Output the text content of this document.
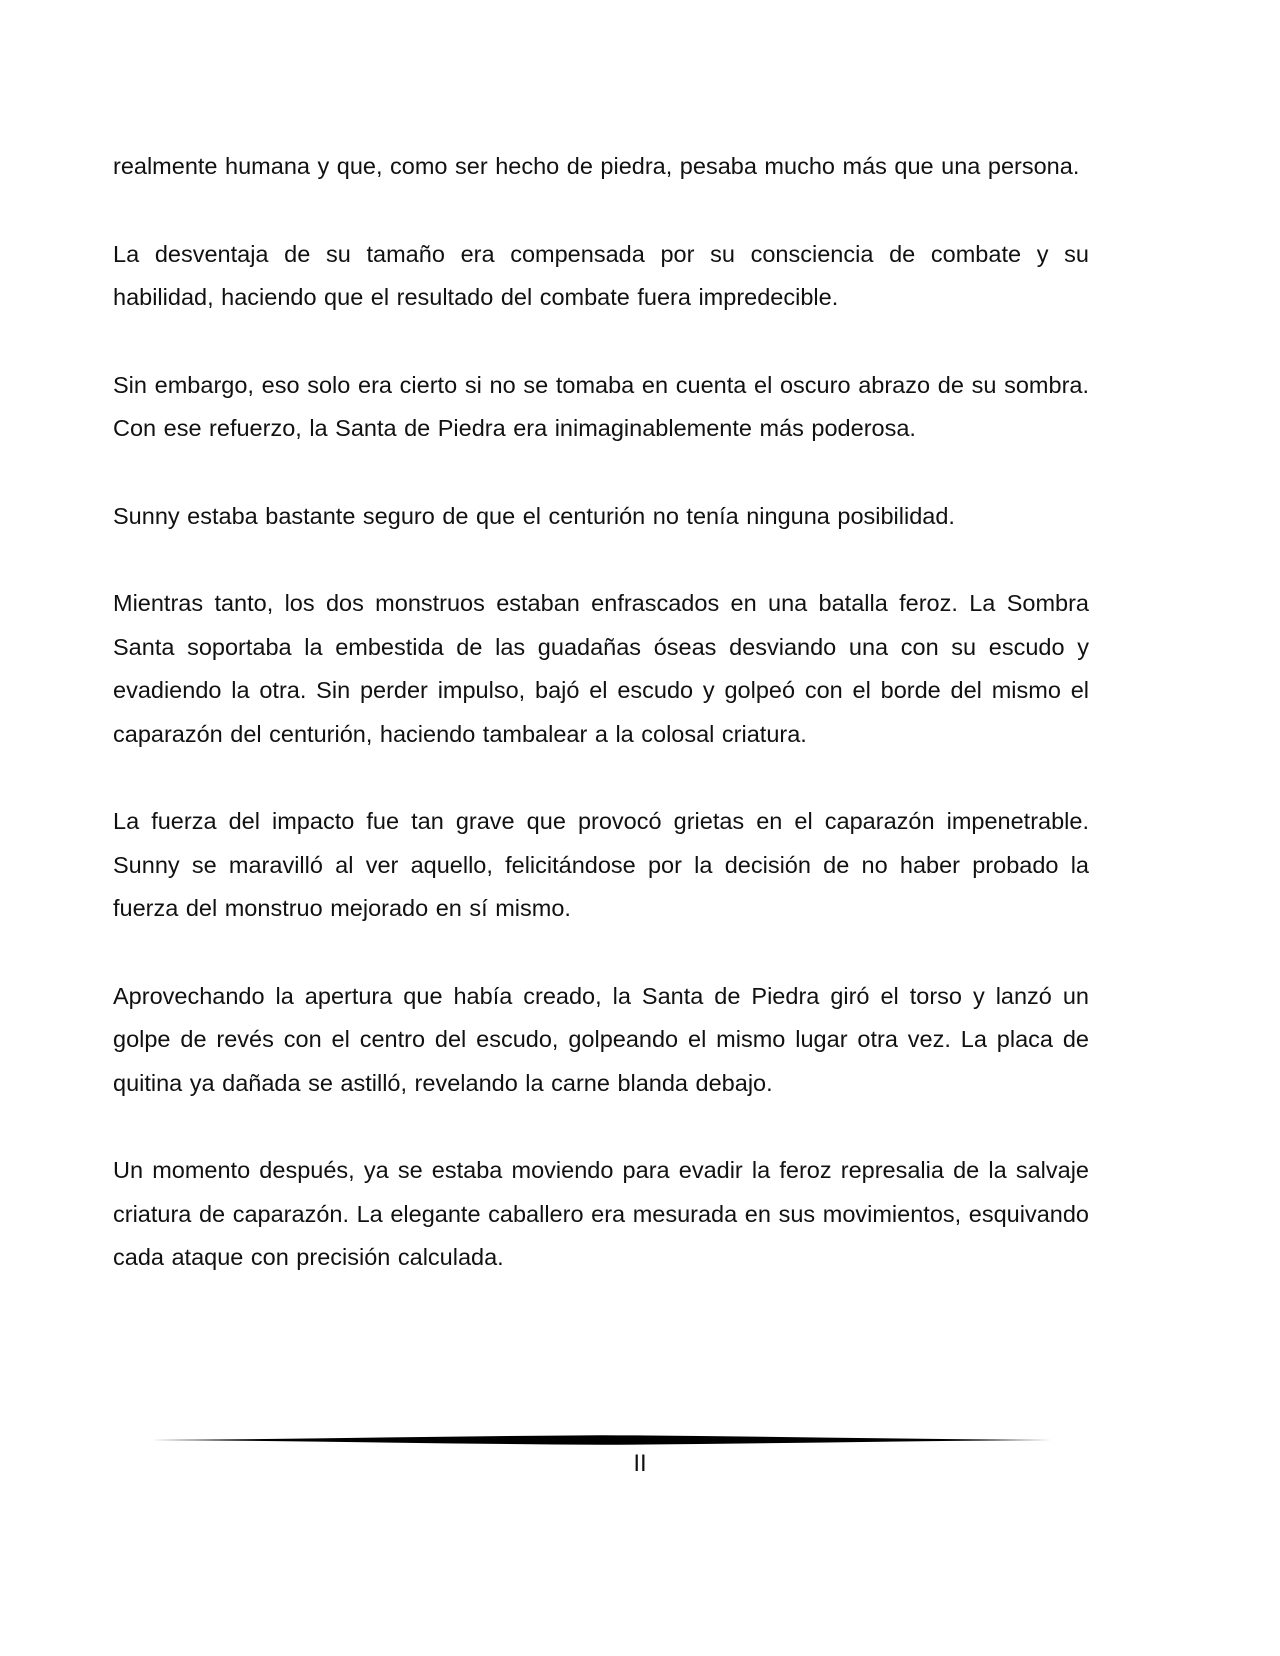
realmente humana y que, como ser hecho de piedra, pesaba mucho más que una persona.

La desventaja de su tamaño era compensada por su consciencia de combate y su habilidad, haciendo que el resultado del combate fuera impredecible.

Sin embargo, eso solo era cierto si no se tomaba en cuenta el oscuro abrazo de su sombra. Con ese refuerzo, la Santa de Piedra era inimaginablemente más poderosa.

Sunny estaba bastante seguro de que el centurión no tenía ninguna posibilidad.

Mientras tanto, los dos monstruos estaban enfrascados en una batalla feroz. La Sombra Santa soportaba la embestida de las guadañas óseas desviando una con su escudo y evadiendo la otra. Sin perder impulso, bajó el escudo y golpeó con el borde del mismo el caparazón del centurión, haciendo tambalear a la colosal criatura.

La fuerza del impacto fue tan grave que provocó grietas en el caparazón impenetrable. Sunny se maravilló al ver aquello, felicitándose por la decisión de no haber probado la fuerza del monstruo mejorado en sí mismo.

Aprovechando la apertura que había creado, la Santa de Piedra giró el torso y lanzó un golpe de revés con el centro del escudo, golpeando el mismo lugar otra vez. La placa de quitina ya dañada se astilló, revelando la carne blanda debajo.

Un momento después, ya se estaba moviendo para evadir la feroz represalia de la salvaje criatura de caparazón. La elegante caballero era mesurada en sus movimientos, esquivando cada ataque con precisión calculada.

II
